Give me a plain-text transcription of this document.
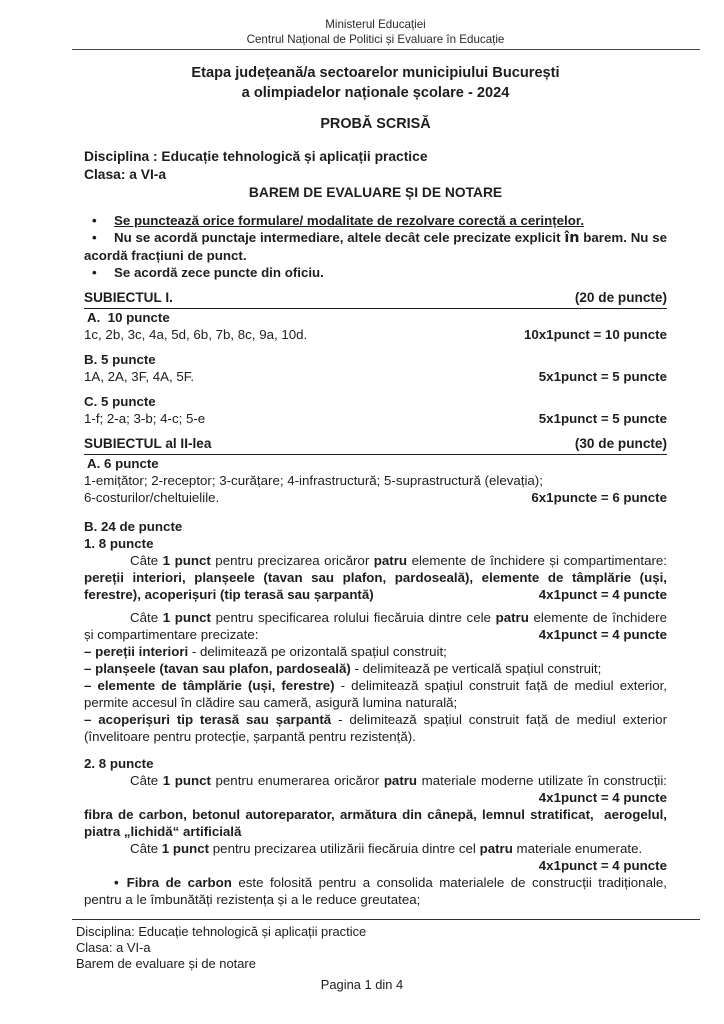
Ministerul Educației
Centrul Național de Politici și Evaluare în Educație
Etapa județeană/a sectoarelor municipiului București
a olimpiadelor naționale școlare - 2024
PROBĂ SCRISĂ
Disciplina : Educație tehnologică și aplicații practice
Clasa: a VI-a
BAREM DE EVALUARE ȘI DE NOTARE
• Se punctează orice formulare/ modalitate de rezolvare corectă a cerințelor.
• Nu se acordă punctaje intermediare, altele decât cele precizate explicit în barem. Nu se
acordă fracțiuni de punct.
• Se acordă zece puncte din oficiu.
SUBIECTUL I.	(20 de puncte)
A.  10 puncte
1c, 2b, 3c, 4a, 5d, 6b, 7b, 8c, 9a, 10d.	10x1punct = 10 puncte
B. 5 puncte
1A, 2A, 3F, 4A, 5F.	5x1punct = 5 puncte
C. 5 puncte
1-f; 2-a; 3-b; 4-c; 5-e	5x1punct = 5 puncte
SUBIECTUL al II-lea	(30 de puncte)
A. 6 puncte
1-emițător; 2-receptor; 3-curățare; 4-infrastructură; 5-suprastructură (elevația);
6-costurilor/cheltuielile.	6x1puncte = 6 puncte
B. 24 de puncte
1. 8 puncte
Câte 1 punct pentru precizarea oricăror patru elemente de închidere și compartimentare:
pereții interiori, planșeele (tavan sau plafon, pardoseală), elemente de tâmplărie (uși,
ferestre), acoperișuri (tip terasă sau șarpantă)	4x1punct = 4 puncte
Câte 1 punct pentru specificarea rolului fiecăruia dintre cele patru elemente de închidere
și compartimentare precizate:	4x1punct = 4 puncte
– pereții interiori - delimitează pe orizontală spațiul construit;
– planșeele (tavan sau plafon, pardoseală) - delimitează pe verticală spațiul construit;
– elemente de tâmplărie (uși, ferestre) - delimitează spațiul construit față de mediul exterior,
permite accesul în clădire sau cameră, asigură lumina naturală;
– acoperișuri tip terasă sau șarpantă - delimitează spațiul construit față de mediul exterior
(învelitoare pentru protecție, șarpantă pentru rezistență).
2. 8 puncte
Câte 1 punct pentru enumerarea oricăror patru materiale moderne utilizate în construcții:
4x1punct = 4 puncte
fibra de carbon, betonul autoreparator, armătura din cânepă, lemnul stratificat,  aerogelul,
piatra „lichidă“ artificială
Câte 1 punct pentru precizarea utilizării fiecăruia dintre cel patru materiale enumerate.
4x1punct = 4 puncte
• Fibra de carbon este folosită pentru a consolida materialele de construcții tradiționale,
pentru a le îmbunătăți rezistența și a le reduce greutatea;
Disciplina: Educație tehnologică și aplicații practice
Clasa: a VI-a
Barem de evaluare și de notare
Pagina 1 din 4
